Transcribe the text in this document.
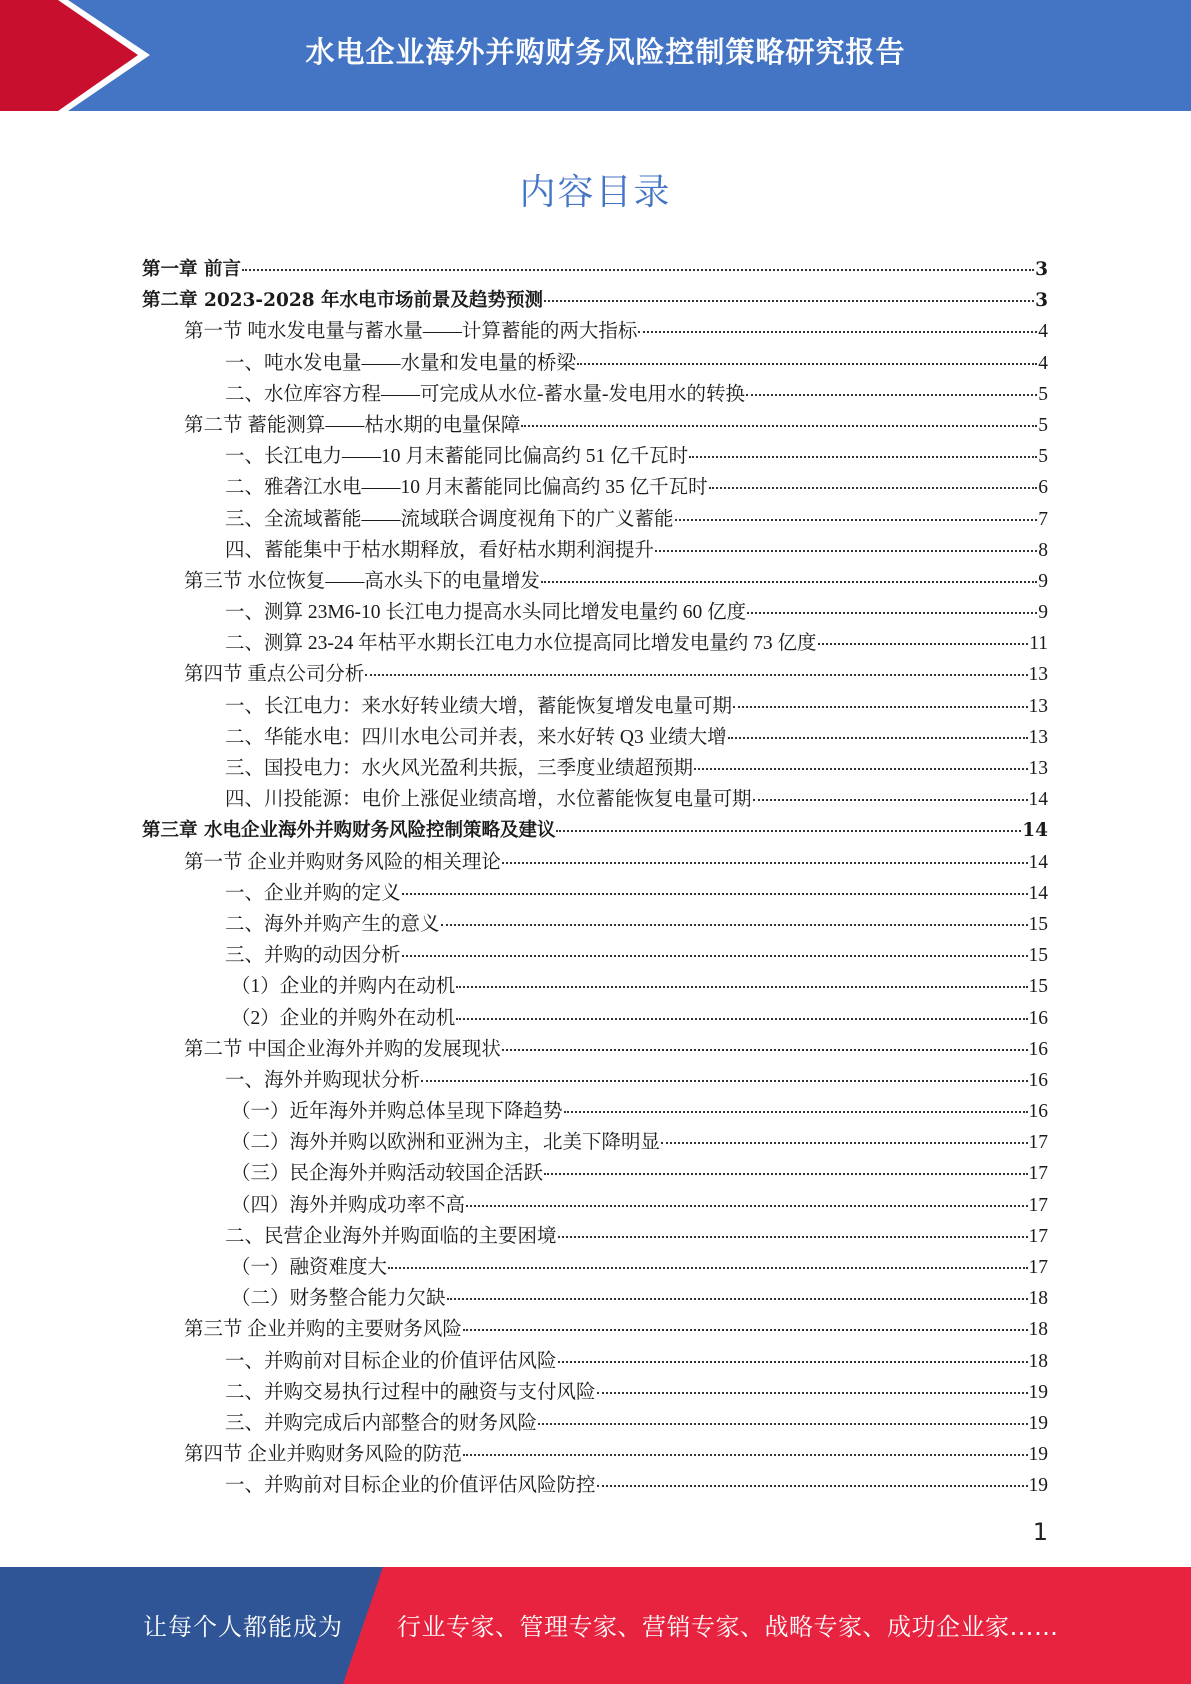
水电企业海外并购财务风险控制策略研究报告
内容目录
第一章 前言	3
第二章 2023-2028 年水电市场前景及趋势预测	3
第一节 吨水发电量与蓄水量——计算蓄能的两大指标	4
一、吨水发电量——水量和发电量的桥梁	4
二、水位库容方程——可完成从水位-蓄水量-发电用水的转换	5
第二节 蓄能测算——枯水期的电量保障	5
一、长江电力——10 月末蓄能同比偏高约 51 亿千瓦时	5
二、雅砻江水电——10 月末蓄能同比偏高约 35 亿千瓦时	6
三、全流域蓄能——流域联合调度视角下的广义蓄能	7
四、蓄能集中于枯水期释放，看好枯水期利润提升	8
第三节 水位恢复——高水头下的电量增发	9
一、测算 23M6-10 长江电力提高水头同比增发电量约 60 亿度	9
二、测算 23-24 年枯平水期长江电力水位提高同比增发电量约 73 亿度	11
第四节 重点公司分析	13
一、长江电力：来水好转业绩大增，蓄能恢复增发电量可期	13
二、华能水电：四川水电公司并表，来水好转 Q3 业绩大增	13
三、国投电力：水火风光盈利共振，三季度业绩超预期	13
四、川投能源：电价上涨促业绩高增，水位蓄能恢复电量可期	14
第三章 水电企业海外并购财务风险控制策略及建议	14
第一节 企业并购财务风险的相关理论	14
一、企业并购的定义	14
二、海外并购产生的意义	15
三、并购的动因分析	15
（1）企业的并购内在动机	15
（2）企业的并购外在动机	16
第二节 中国企业海外并购的发展现状	16
一、海外并购现状分析	16
（一）近年海外并购总体呈现下降趋势	16
（二）海外并购以欧洲和亚洲为主，北美下降明显	17
（三）民企海外并购活动较国企活跃	17
（四）海外并购成功率不高	17
二、民营企业海外并购面临的主要困境	17
（一）融资难度大	17
（二）财务整合能力欠缺	18
第三节 企业并购的主要财务风险	18
一、并购前对目标企业的价值评估风险	18
二、并购交易执行过程中的融资与支付风险	19
三、并购完成后内部整合的财务风险	19
第四节 企业并购财务风险的防范	19
一、并购前对目标企业的价值评估风险防控	19
1
让每个人都能成为 行业专家、管理专家、营销专家、战略专家、成功企业家……
